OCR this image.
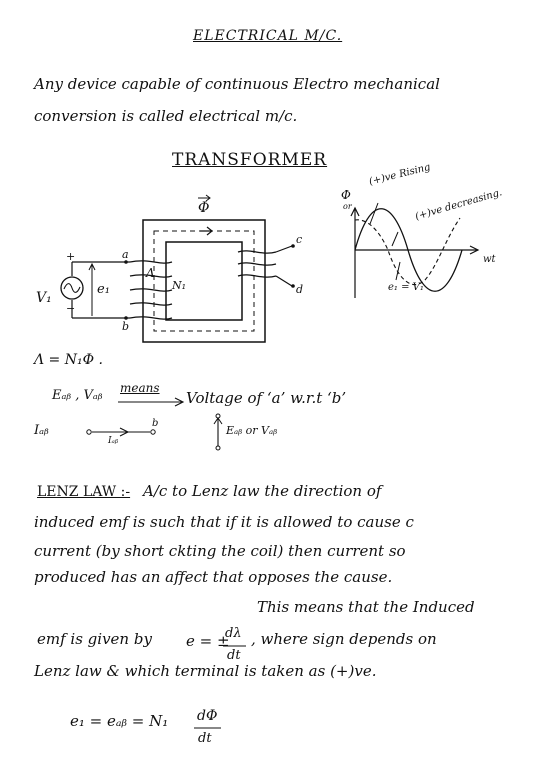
ELECTRICAL M/C.
Any device capable of continuous Electro mechanical
conversion is called electrical m/c.
TRANSFORMER
Φ
+
−
V₁
e₁
a
b
Λ
N₁
c
d
Φ
or
(+)ve Rising
(+)ve decreasing.
wt
e₁ = V₁
Λ = N₁Φ .
Eₐᵦ , Vₐᵦ means
Voltage of ‘a’ w.r.t ‘b’
Iₐᵦ
Iₐᵦ
b
Eₐᵦ or Vₐᵦ
LENZ LAW :- A/c to Lenz law the direction of
induced emf is such that if it is allowed to cause c
current (by short ckting the coil) then current so
produced has an affect that opposes the cause.
This means that the Induced
emf is given by e = ±
dλ
dt
, where sign depends on
Lenz law & which terminal is taken as (+)ve.
e₁ = eₐᵦ = N₁ dΦ
dt
